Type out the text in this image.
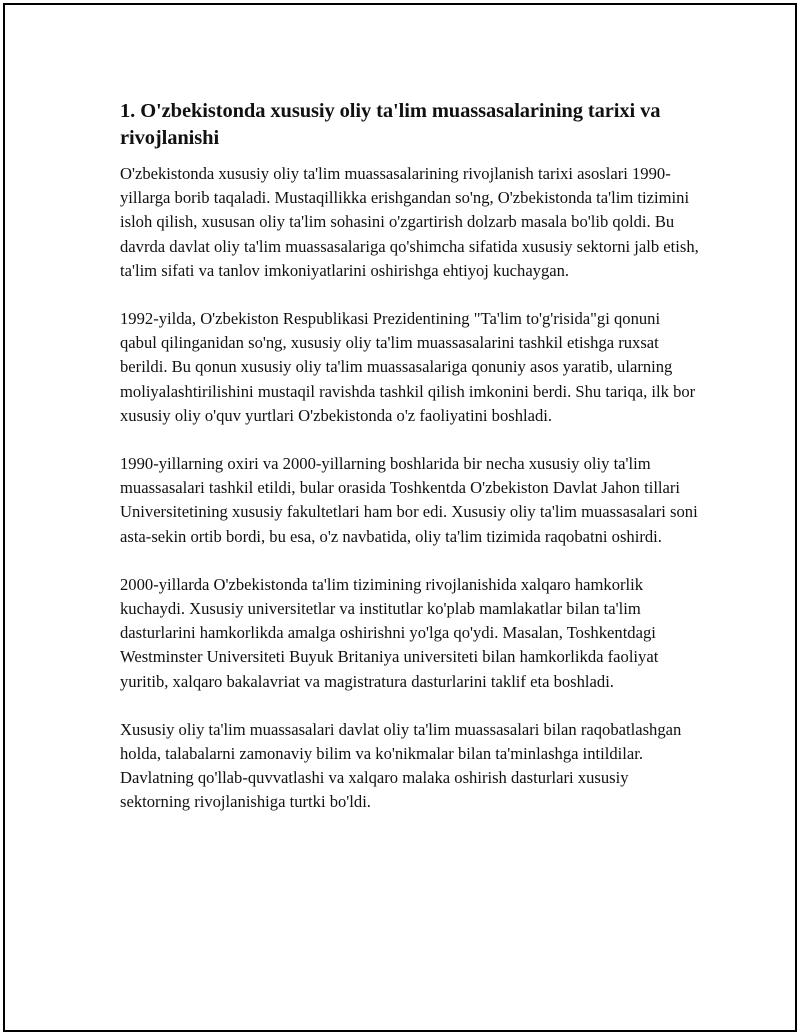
1. O'zbekistonda xususiy oliy ta'lim muassasalarining tarixi va rivojlanishi

O'zbekistonda xususiy oliy ta'lim muassasalarining rivojlanish tarixi asoslari 1990-yillarga borib taqaladi. Mustaqillikka erishgandan so'ng, O'zbekistonda ta'lim tizimini isloh qilish, xususan oliy ta'lim sohasini o'zgartirish dolzarb masala bo'lib qoldi. Bu davrda davlat oliy ta'lim muassasalariga qo'shimcha sifatida xususiy sektorni jalb etish, ta'lim sifati va tanlov imkoniyatlarini oshirishga ehtiyoj kuchaygan.

1992-yilda, O'zbekiston Respublikasi Prezidentining "Ta'lim to'g'risida"gi qonuni qabul qilinganidan so'ng, xususiy oliy ta'lim muassasalarini tashkil etishga ruxsat berildi. Bu qonun xususiy oliy ta'lim muassasalariga qonuniy asos yaratib, ularning moliyalashtirilishini mustaqil ravishda tashkil qilish imkonini berdi. Shu tariqa, ilk bor xususiy oliy o'quv yurtlari O'zbekistonda o'z faoliyatini boshladi.

1990-yillarning oxiri va 2000-yillarning boshlarida bir necha xususiy oliy ta'lim muassasalari tashkil etildi, bular orasida Toshkentda O'zbekiston Davlat Jahon tillari Universitetining xususiy fakultetlari ham bor edi. Xususiy oliy ta'lim muassasalari soni asta-sekin ortib bordi, bu esa, o'z navbatida, oliy ta'lim tizimida raqobatni oshirdi.

2000-yillarda O'zbekistonda ta'lim tizimining rivojlanishida xalqaro hamkorlik kuchaydi. Xususiy universitetlar va institutlar ko'plab mamlakatlar bilan ta'lim dasturlarini hamkorlikda amalga oshirishni yo'lga qo'ydi. Masalan, Toshkentdagi Westminster Universiteti Buyuk Britaniya universiteti bilan hamkorlikda faoliyat yuritib, xalqaro bakalavriat va magistratura dasturlarini taklif eta boshladi.

Xususiy oliy ta'lim muassasalari davlat oliy ta'lim muassasalari bilan raqobatlashgan holda, talabalarni zamonaviy bilim va ko'nikmalar bilan ta'minlashga intildilar. Davlatning qo'llab-quvvatlashi va xalqaro malaka oshirish dasturlari xususiy sektorning rivojlanishiga turtki bo'ldi.
